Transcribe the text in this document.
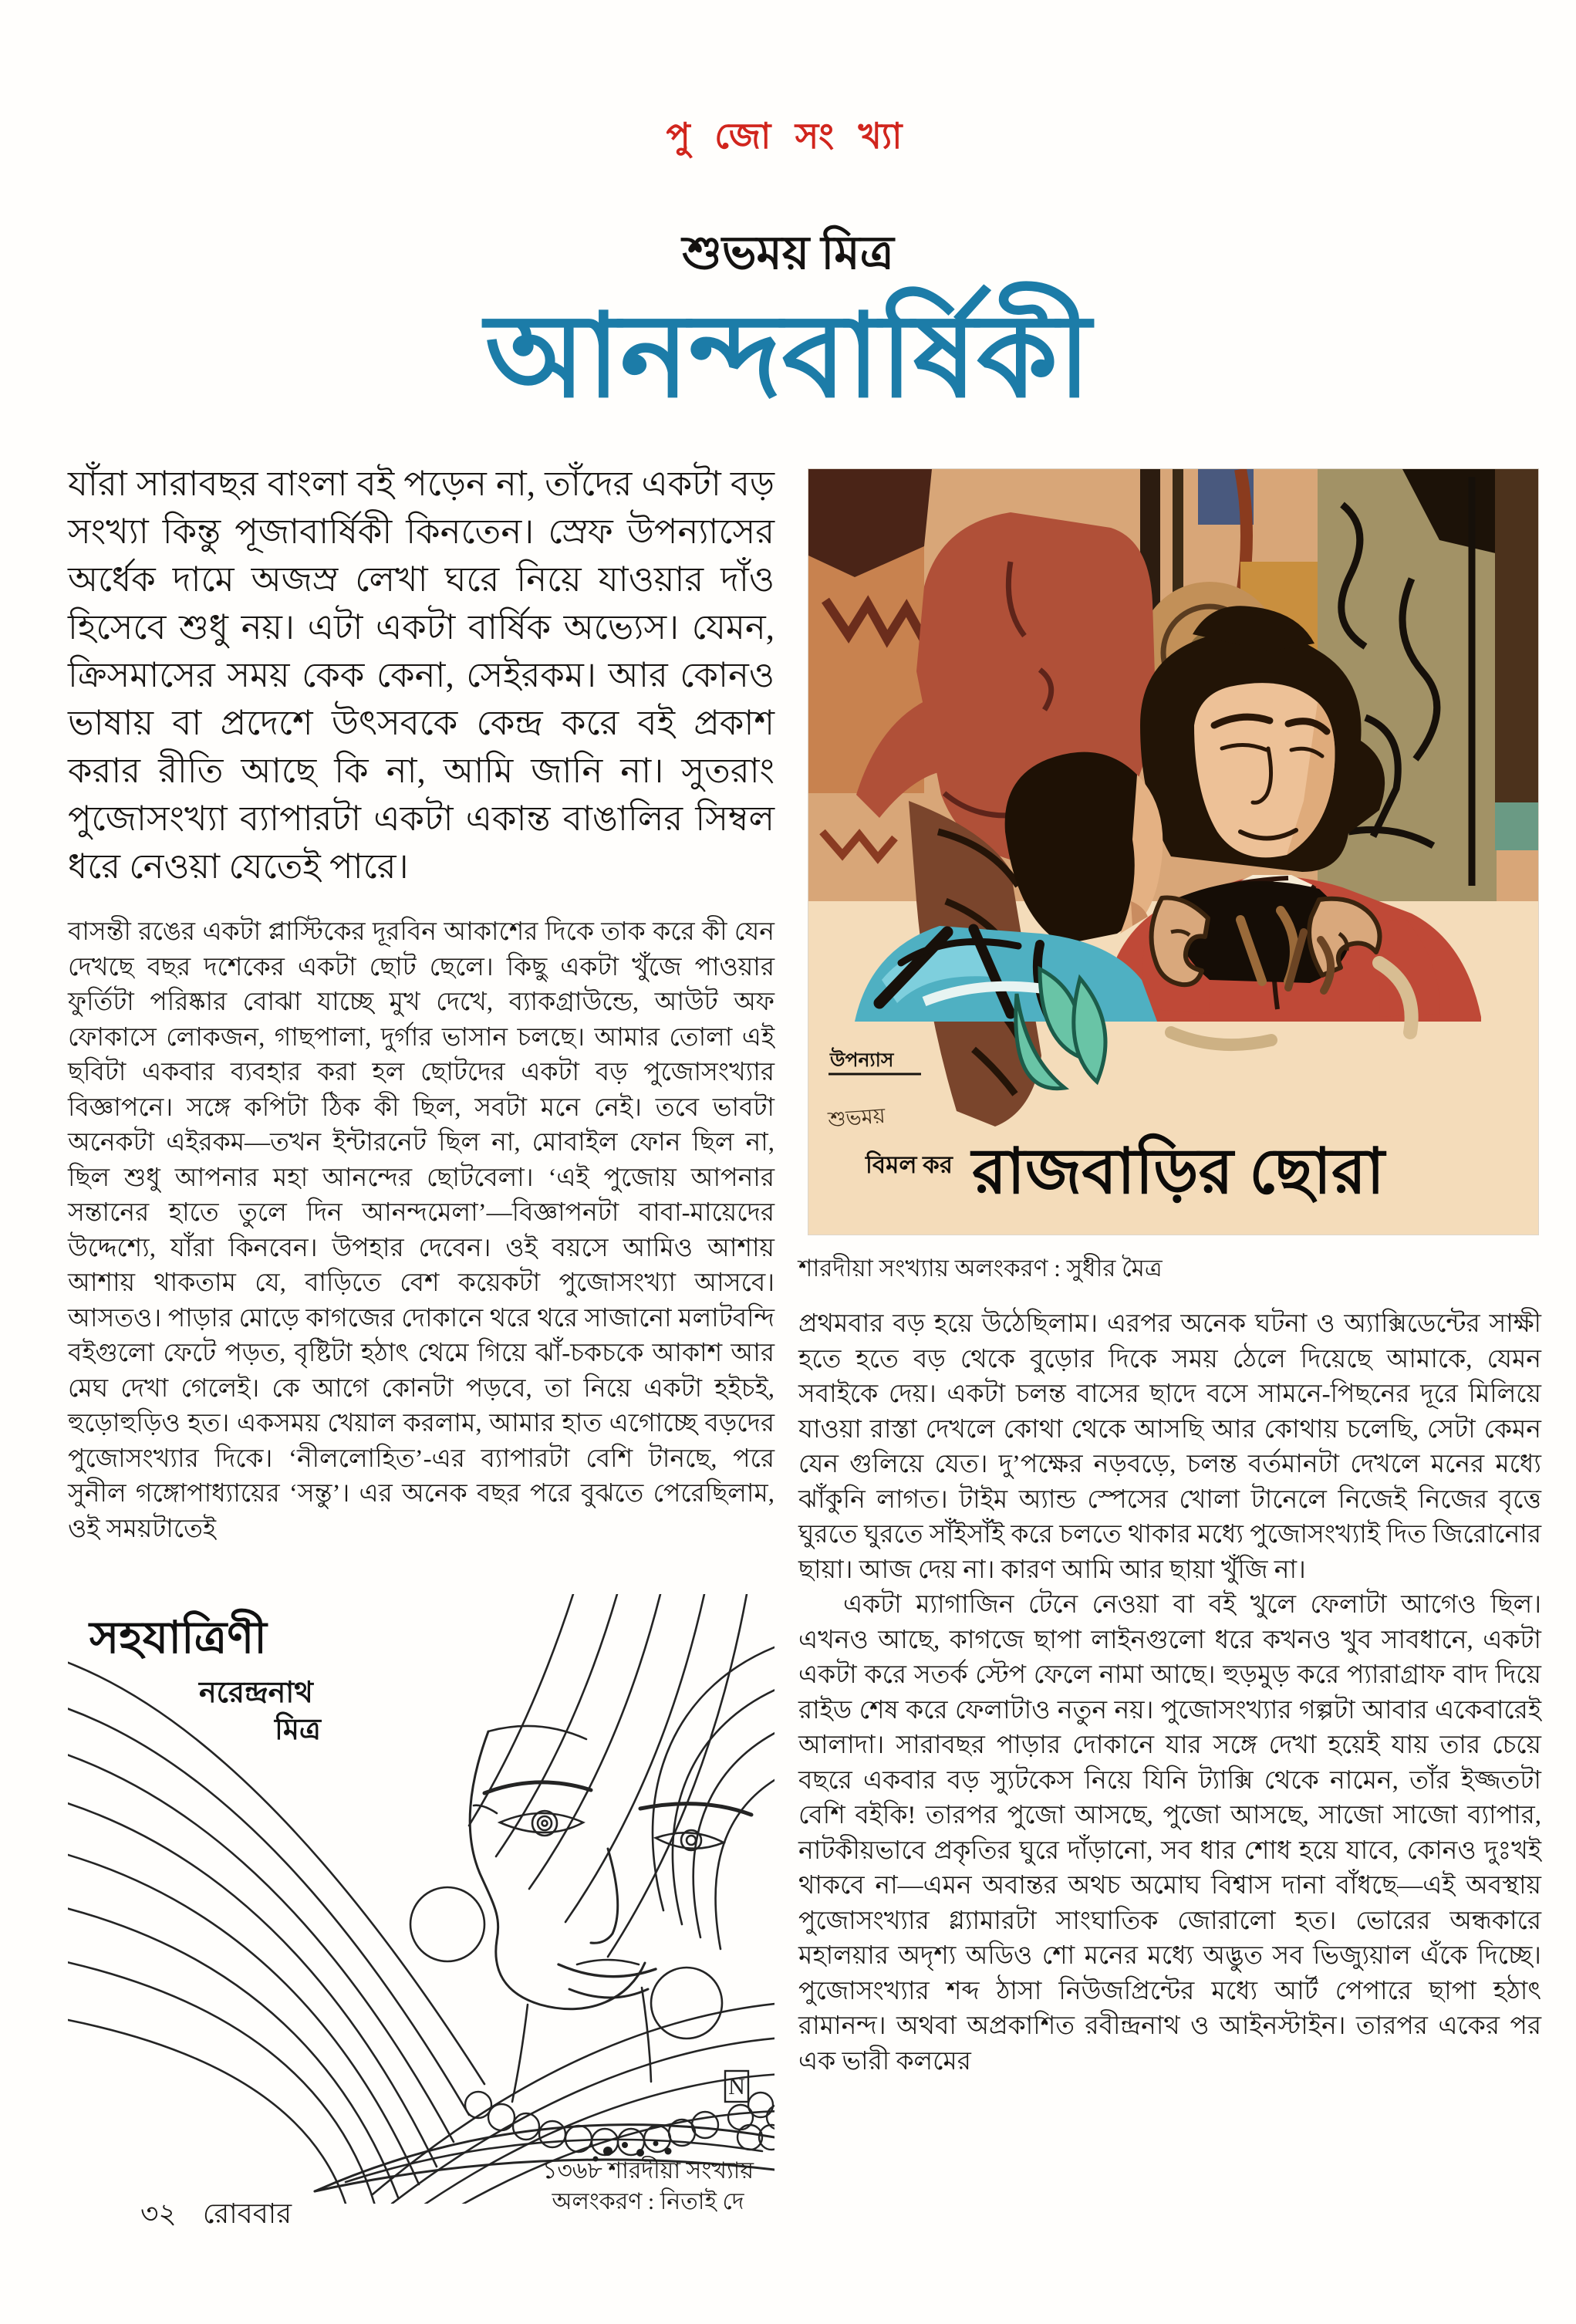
পু জো সং খ্যা
শুভময় মিত্র
আনন্দবার্ষিকী
যাঁরা সারাবছর বাংলা বই পড়েন না, তাঁদের একটা বড় সংখ্যা কিন্তু পূজাবার্ষিকী কিনতেন। স্রেফ উপন্যাসের অর্ধেক দামে অজস্র লেখা ঘরে নিয়ে যাওয়ার দাঁও হিসেবে শুধু নয়। এটা একটা বার্ষিক অভ্যেস। যেমন, ক্রিসমাসের সময় কেক কেনা, সেইরকম। আর কোনও ভাষায় বা প্রদেশে উৎসবকে কেন্দ্র করে বই প্রকাশ করার রীতি আছে কি না, আমি জানি না। সুতরাং পুজোসংখ্যা ব্যাপারটা একটা একান্ত বাঙালির সিম্বল ধরে নেওয়া যেতেই পারে।
বাসন্তী রঙের একটা প্লাস্টিকের দূরবিন আকাশের দিকে তাক করে কী যেন দেখছে বছর দশেকের একটা ছোট ছেলে। কিছু একটা খুঁজে পাওয়ার ফুর্তিটা পরিষ্কার বোঝা যাচ্ছে মুখ দেখে, ব্যাকগ্রাউন্ডে, আউট অফ ফোকাসে লোকজন, গাছপালা, দুর্গার ভাসান চলছে। আমার তোলা এই ছবিটা একবার ব্যবহার করা হল ছোটদের একটা বড় পুজোসংখ্যার বিজ্ঞাপনে। সঙ্গে কপিটা ঠিক কী ছিল, সবটা মনে নেই। তবে ভাবটা অনেকটা এইরকম—তখন ইন্টারনেট ছিল না, মোবাইল ফোন ছিল না, ছিল শুধু আপনার মহা আনন্দের ছোটবেলা। ‘এই পুজোয় আপনার সন্তানের হাতে তুলে দিন আনন্দমেলা’—বিজ্ঞাপনটা বাবা-মায়েদের উদ্দেশ্যে, যাঁরা কিনবেন। উপহার দেবেন। ওই বয়সে আমিও আশায় আশায় থাকতাম যে, বাড়িতে বেশ কয়েকটা পুজোসংখ্যা আসবে। আসতও। পাড়ার মোড়ে কাগজের দোকানে থরে থরে সাজানো মলাটবন্দি বইগুলো ফেটে পড়ত, বৃষ্টিটা হঠাৎ থেমে গিয়ে ঝাঁ-চকচকে আকাশ আর মেঘ দেখা গেলেই। কে আগে কোনটা পড়বে, তা নিয়ে একটা হইচই, হুড়োহুড়িও হত। একসময় খেয়াল করলাম, আমার হাত এগোচ্ছে বড়দের পুজোসংখ্যার দিকে। ‘নীললোহিত’-এর ব্যাপারটা বেশি টানছে, পরে সুনীল গঙ্গোপাধ্যায়ের ‘সন্তু’। এর অনেক বছর পরে বুঝতে পেরেছিলাম, ওই সময়টাতেই
N
সহযাত্রিণী
নরেন্দ্রনাথ
মিত্র
১৩৬৮ শারদীয়া সংখ্যায়
অলংকরণ : নিতাই দে
৩২ রোববার
উপন্যাস
শুভময়
বিমল কর রাজবাড়ির ছোরা
শারদীয়া সংখ্যায় অলংকরণ : সুধীর মৈত্র
প্রথমবার বড় হয়ে উঠেছিলাম। এরপর অনেক ঘটনা ও অ্যাক্সিডেন্টের সাক্ষী হতে হতে বড় থেকে বুড়োর দিকে সময় ঠেলে দিয়েছে আমাকে, যেমন সবাইকে দেয়। একটা চলন্ত বাসের ছাদে বসে সামনে-পিছনের দূরে মিলিয়ে যাওয়া রাস্তা দেখলে কোথা থেকে আসছি আর কোথায় চলেছি, সেটা কেমন যেন গুলিয়ে যেত। দু’পক্ষের নড়বড়ে, চলন্ত বর্তমানটা দেখলে মনের মধ্যে ঝাঁকুনি লাগত। টাইম অ্যান্ড স্পেসের খোলা টানেলে নিজেই নিজের বৃত্তে ঘুরতে ঘুরতে সাঁইসাঁই করে চলতে থাকার মধ্যে পুজোসংখ্যাই দিত জিরোনোর ছায়া। আজ দেয় না। কারণ আমি আর ছায়া খুঁজি না।
একটা ম্যাগাজিন টেনে নেওয়া বা বই খুলে ফেলাটা আগেও ছিল। এখনও আছে, কাগজে ছাপা লাইনগুলো ধরে কখনও খুব সাবধানে, একটা একটা করে সতর্ক স্টেপ ফেলে নামা আছে। হুড়মুড় করে প্যারাগ্রাফ বাদ দিয়ে রাইড শেষ করে ফেলাটাও নতুন নয়। পুজোসংখ্যার গল্পটা আবার একেবারেই আলাদা। সারাবছর পাড়ার দোকানে যার সঙ্গে দেখা হয়েই যায় তার চেয়ে বছরে একবার বড় স্যুটকেস নিয়ে যিনি ট্যাক্সি থেকে নামেন, তাঁর ইজ্জতটা বেশি বইকি! তারপর পুজো আসছে, পুজো আসছে, সাজো সাজো ব্যাপার, নাটকীয়ভাবে প্রকৃতির ঘুরে দাঁড়ানো, সব ধার শোধ হয়ে যাবে, কোনও দুঃখই থাকবে না—এমন অবান্তর অথচ অমোঘ বিশ্বাস দানা বাঁধছে—এই অবস্থায় পুজোসংখ্যার গ্ল্যামারটা সাংঘাতিক জোরালো হত। ভোরের অন্ধকারে মহালয়ার অদৃশ্য অডিও শো মনের মধ্যে অদ্ভুত সব ভিজ্যুয়াল এঁকে দিচ্ছে। পুজোসংখ্যার শব্দ ঠাসা নিউজপ্রিন্টের মধ্যে আর্ট পেপারে ছাপা হঠাৎ রামানন্দ। অথবা অপ্রকাশিত রবীন্দ্রনাথ ও আইনস্টাইন। তারপর একের পর এক ভারী কলমের
